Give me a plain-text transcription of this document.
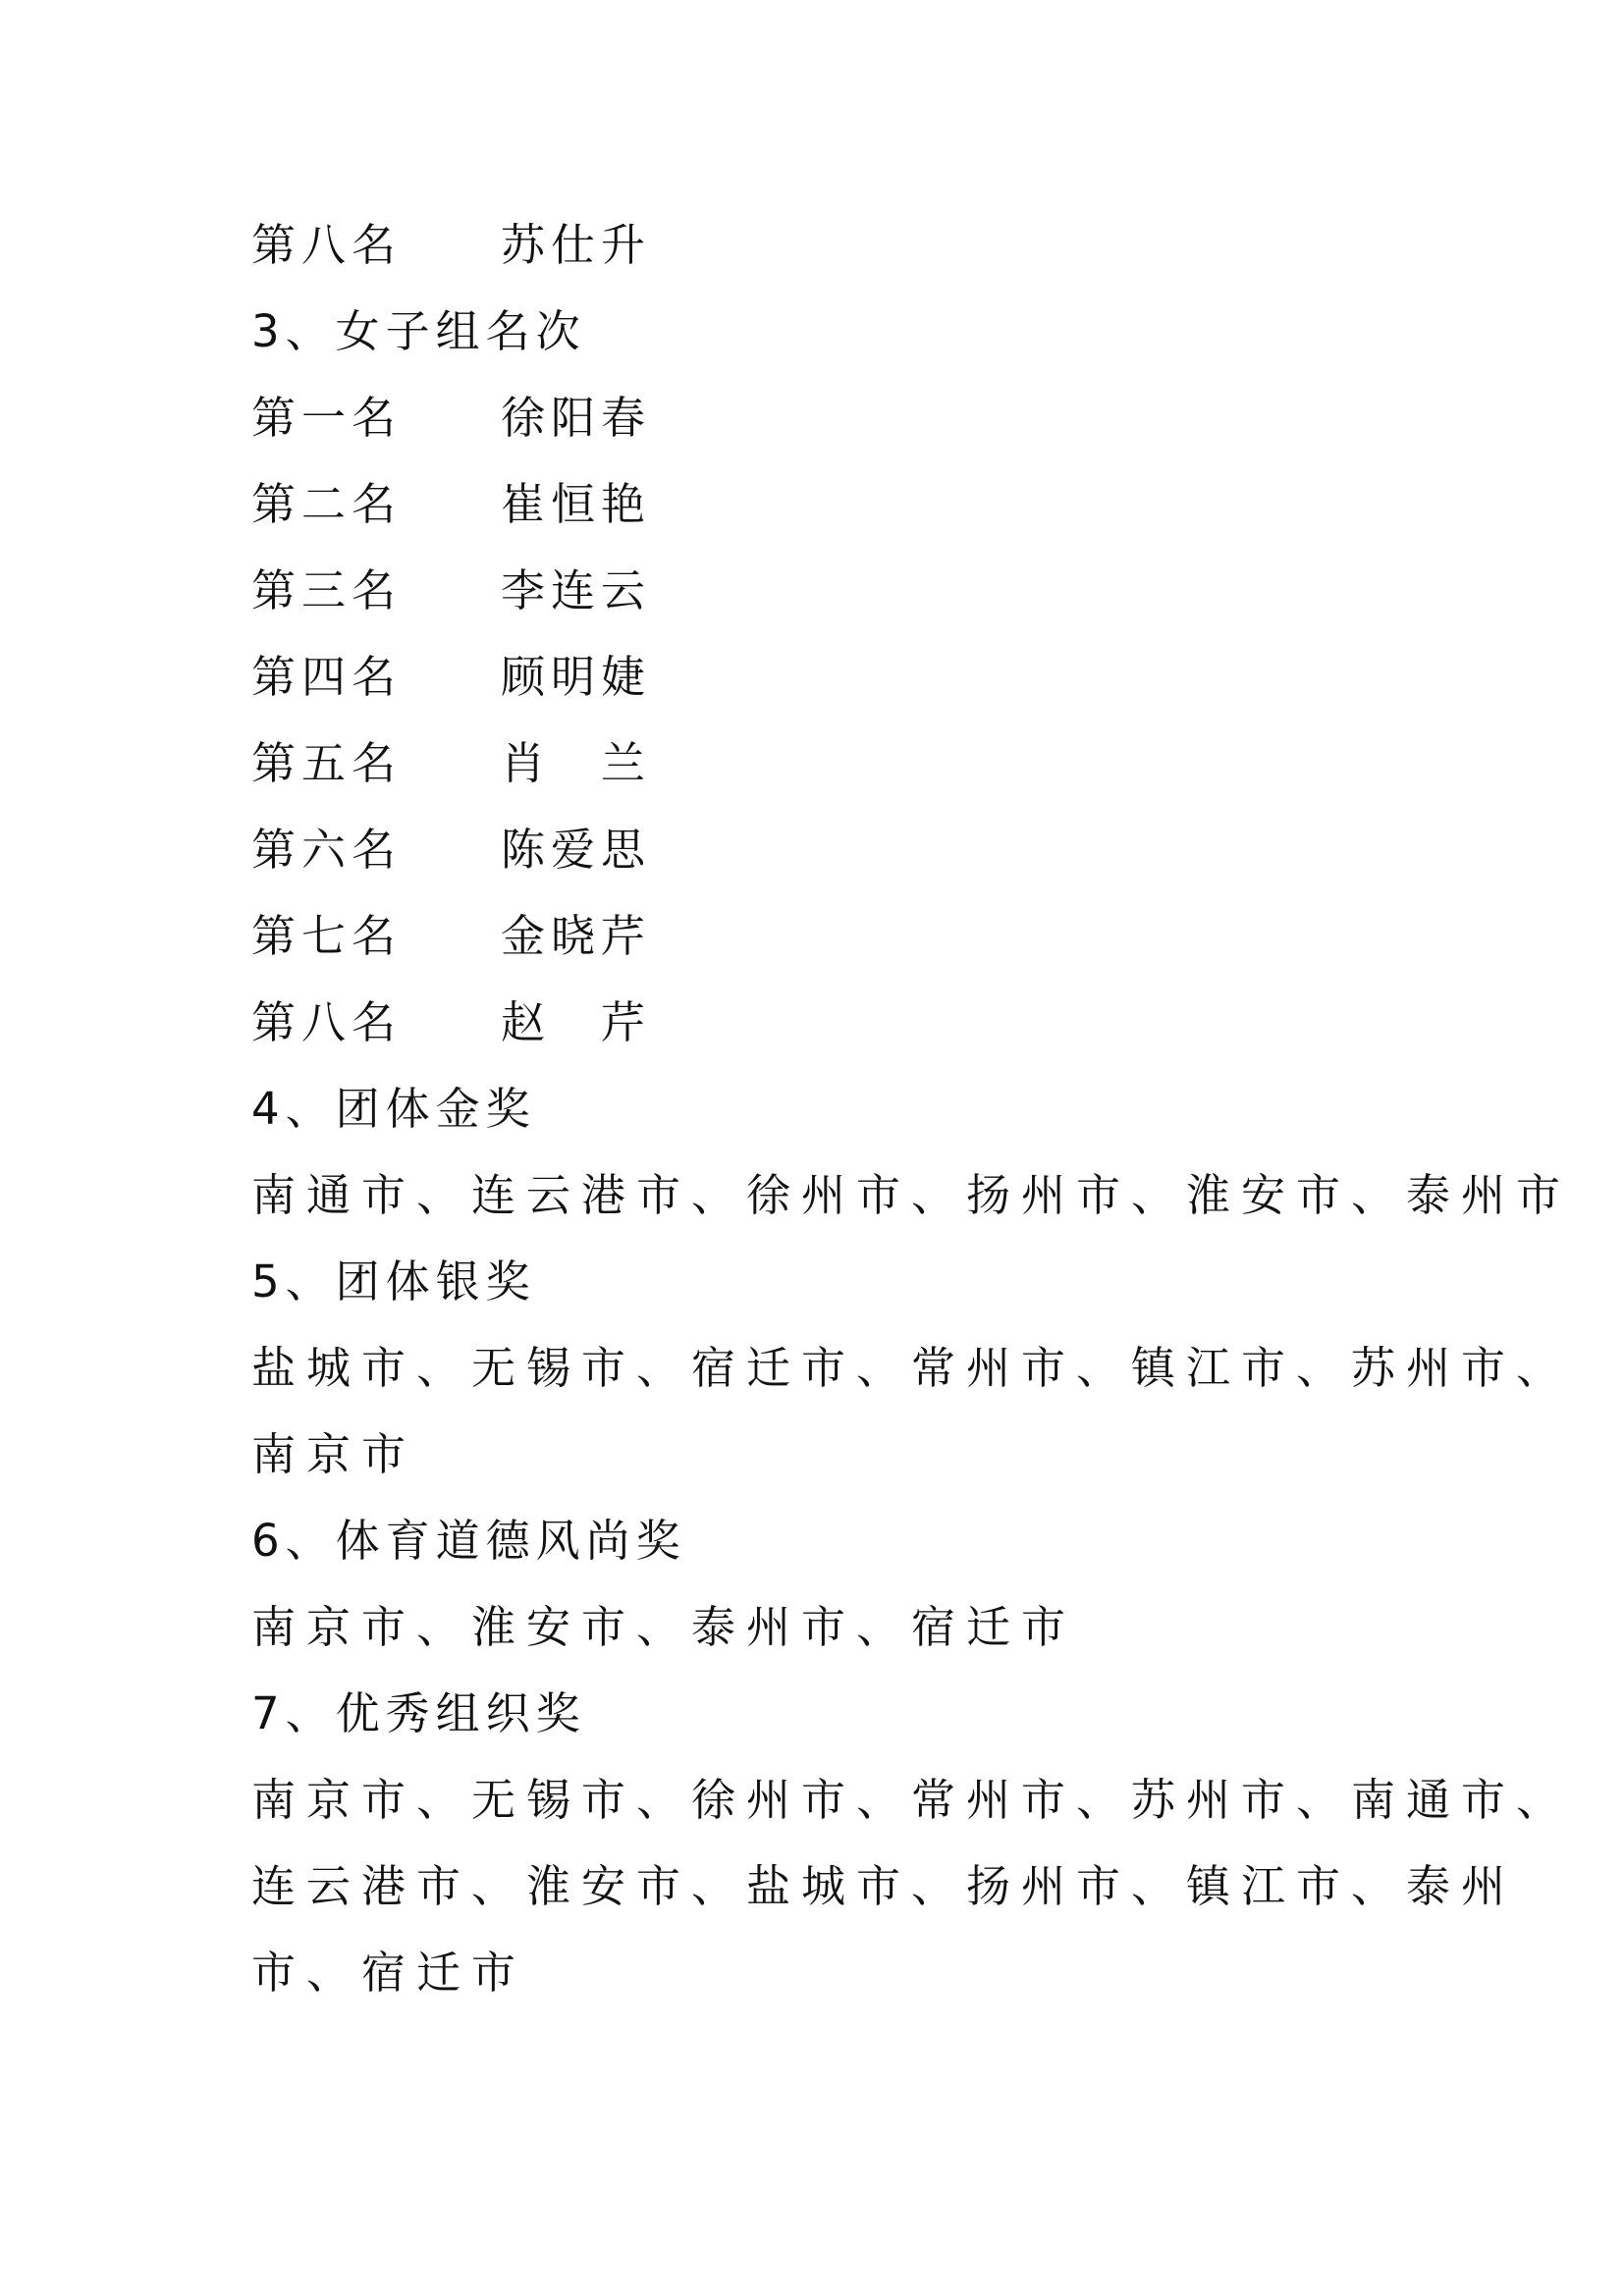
第八名	苏仕升
3、女子组名次
第一名	徐阳春
第二名	崔恒艳
第三名	李连云
第四名	顾明婕
第五名	肖　兰
第六名	陈爱思
第七名	金晓芹
第八名	赵　芹
4、团体金奖
南通市、连云港市、徐州市、扬州市、淮安市、泰州市
5、团体银奖
盐城市、无锡市、宿迁市、常州市、镇江市、苏州市、
南京市
6、体育道德风尚奖
南京市、淮安市、泰州市、宿迁市
7、优秀组织奖
南京市、无锡市、徐州市、常州市、苏州市、南通市、
连云港市、淮安市、盐城市、扬州市、镇江市、泰州
市、宿迁市
